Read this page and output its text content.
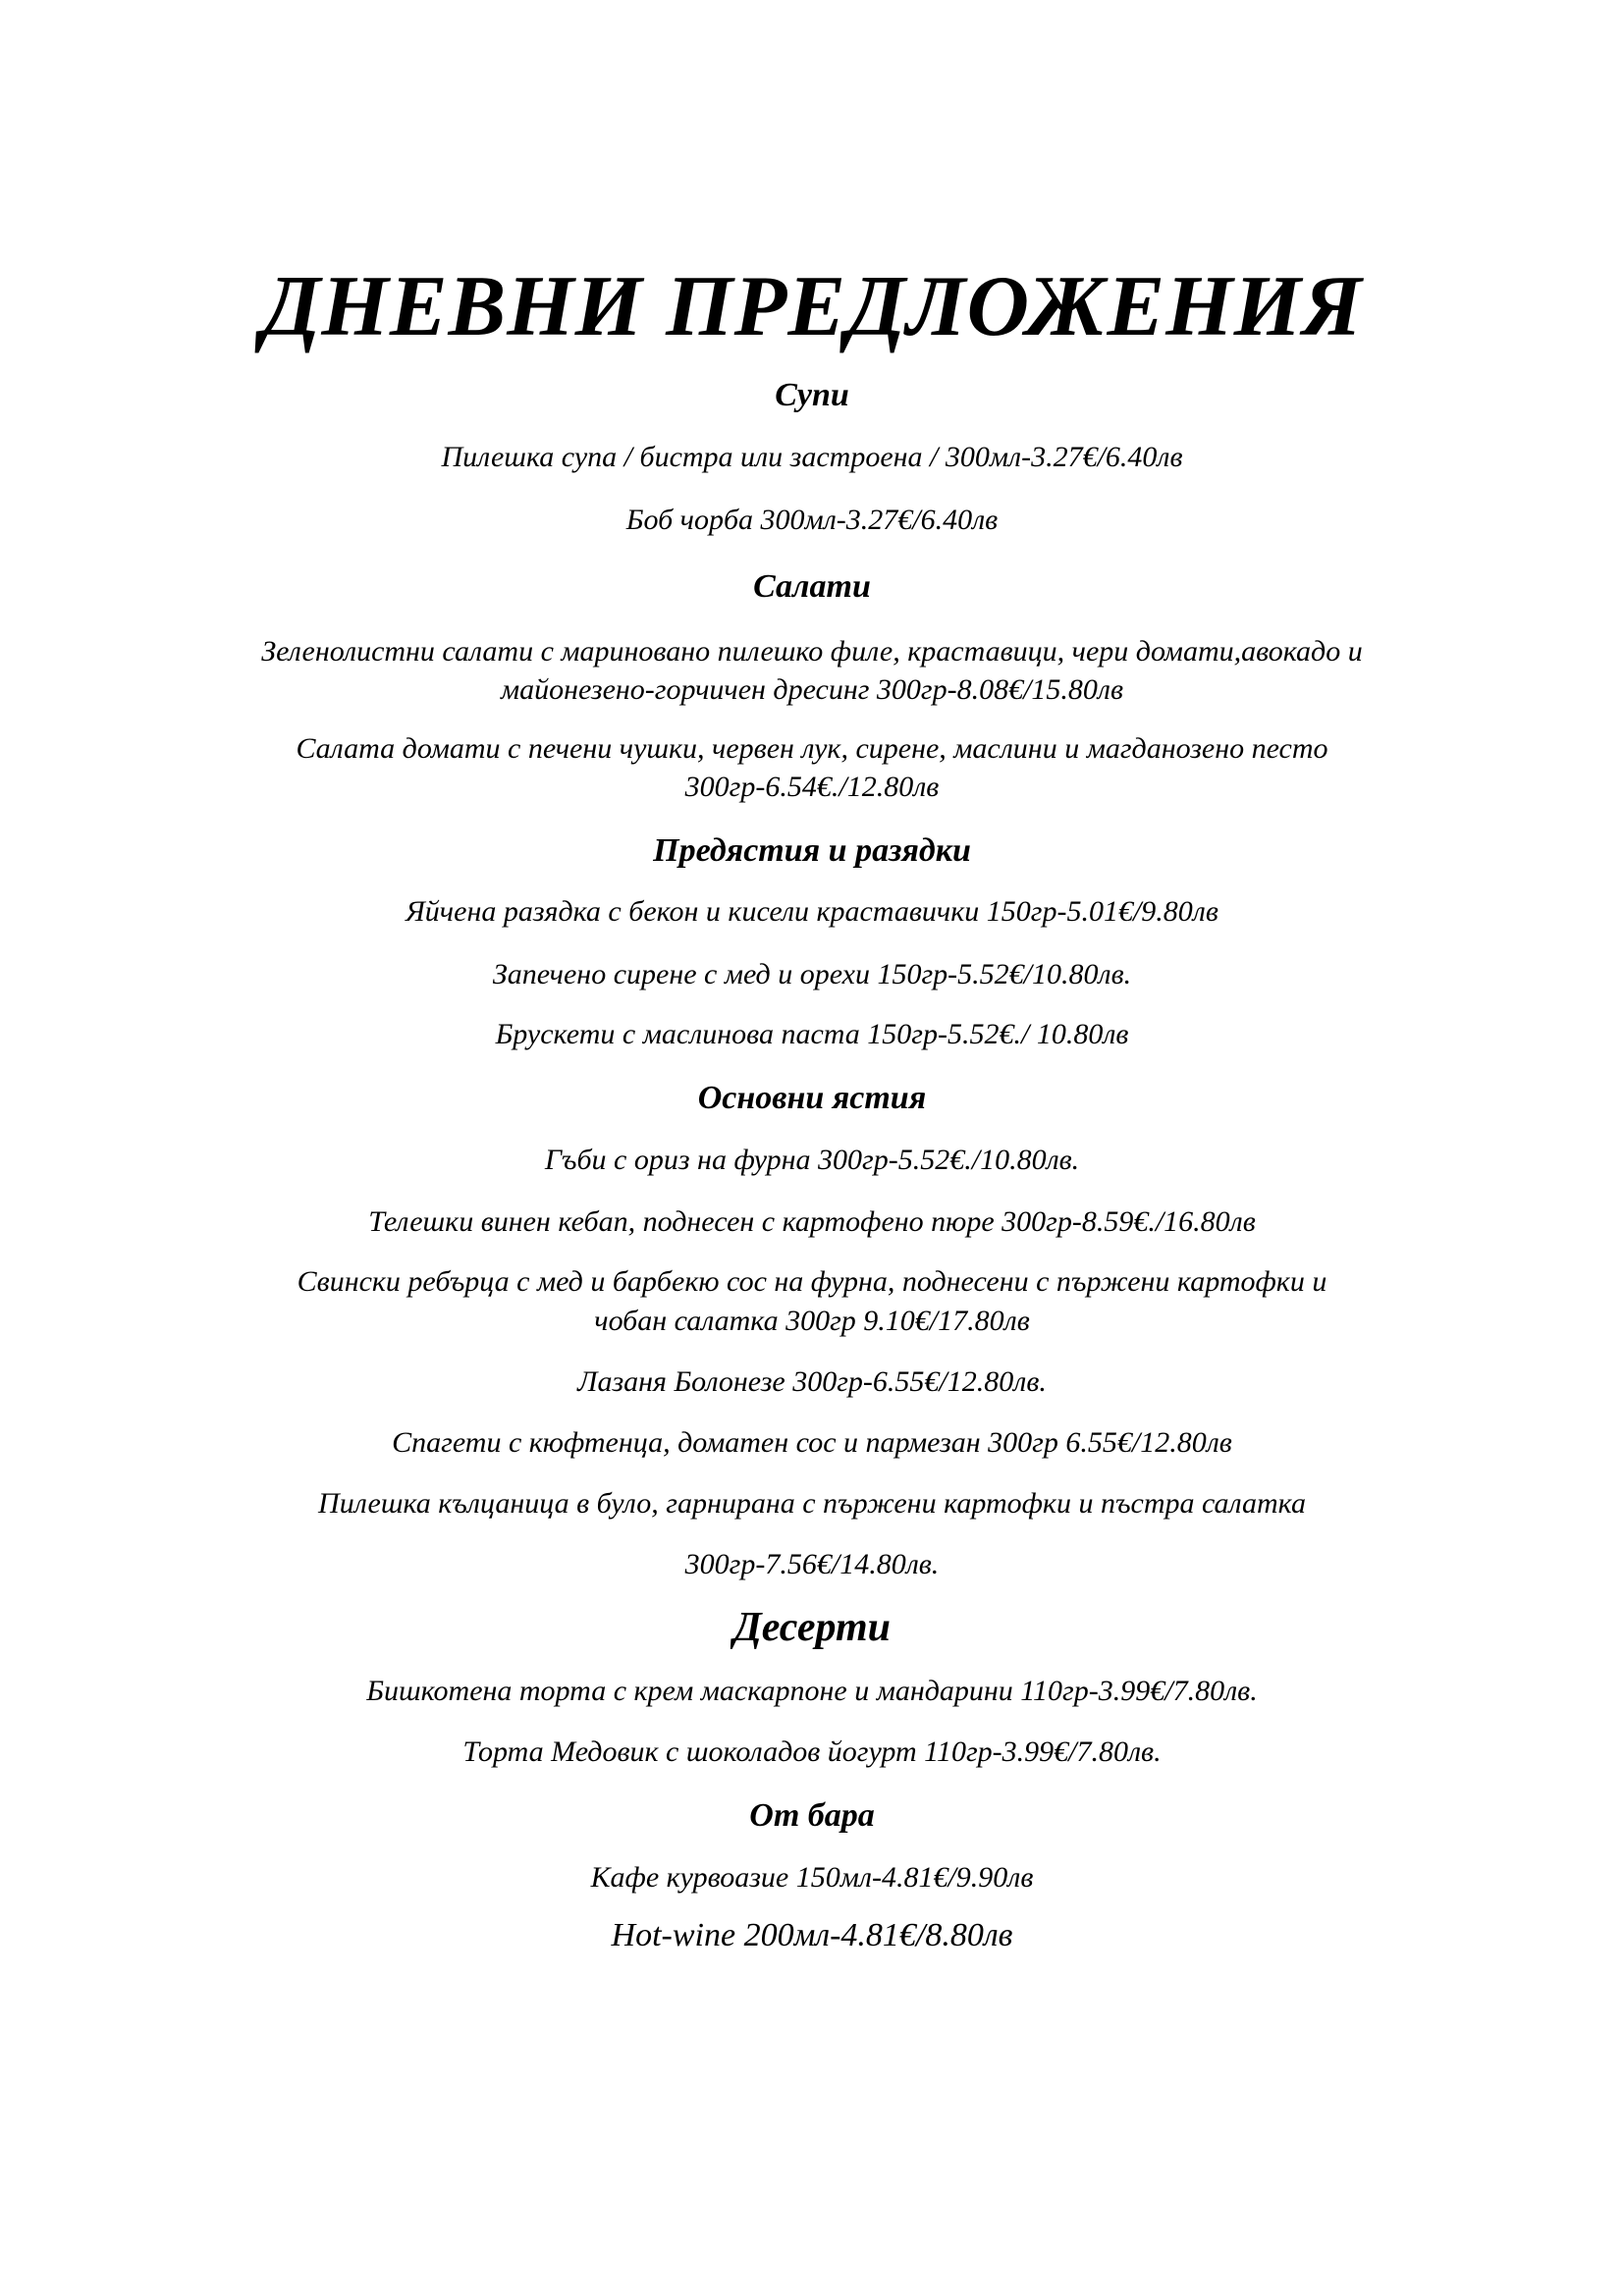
ДНЕВНИ ПРЕДЛОЖЕНИЯ
Супи
Пилешка супа / бистра или застроена / 300мл-3.27€/6.40лв
Боб чорба 300мл-3.27€/6.40лв
Салати
Зеленолистни салати с мариновано пилешко филе, краставици, чери домати,авокадо и
майонезено-горчичен дресинг 300гр-8.08€/15.80лв
Салата домати с печени чушки, червен лук, сирене, маслини и магданозено песто
300гр-6.54€./12.80лв
Предястия и разядки
Яйчена разядка с бекон и кисели краставички 150гр-5.01€/9.80лв
Запечено сирене с мед и орехи 150гр-5.52€/10.80лв.
Брускети с маслинова паста 150гр-5.52€./ 10.80лв
Основни ястия
Гъби с ориз на фурна 300гр-5.52€./10.80лв.
Телешки винен кебап, поднесен с картофено пюре 300гр-8.59€./16.80лв
Свински ребърца с мед и барбекю сос на фурна, поднесени с пържени картофки и
чобан салатка 300гр 9.10€/17.80лв
Лазаня Болонезе 300гр-6.55€/12.80лв.
Спагети с кюфтенца, доматен сос и пармезан 300гр 6.55€/12.80лв
Пилешка кълцаница в було, гарнирана с пържени картофки и пъстра салатка
300гр-7.56€/14.80лв.
Десерти
Бишкотена торта с крем маскарпоне и мандарини 110гр-3.99€/7.80лв.
Торта Медовик с шоколадов йогурт 110гр-3.99€/7.80лв.
От бара
Кафе курвоазие 150мл-4.81€/9.90лв
Hot-wine 200мл-4.81€/8.80лв
